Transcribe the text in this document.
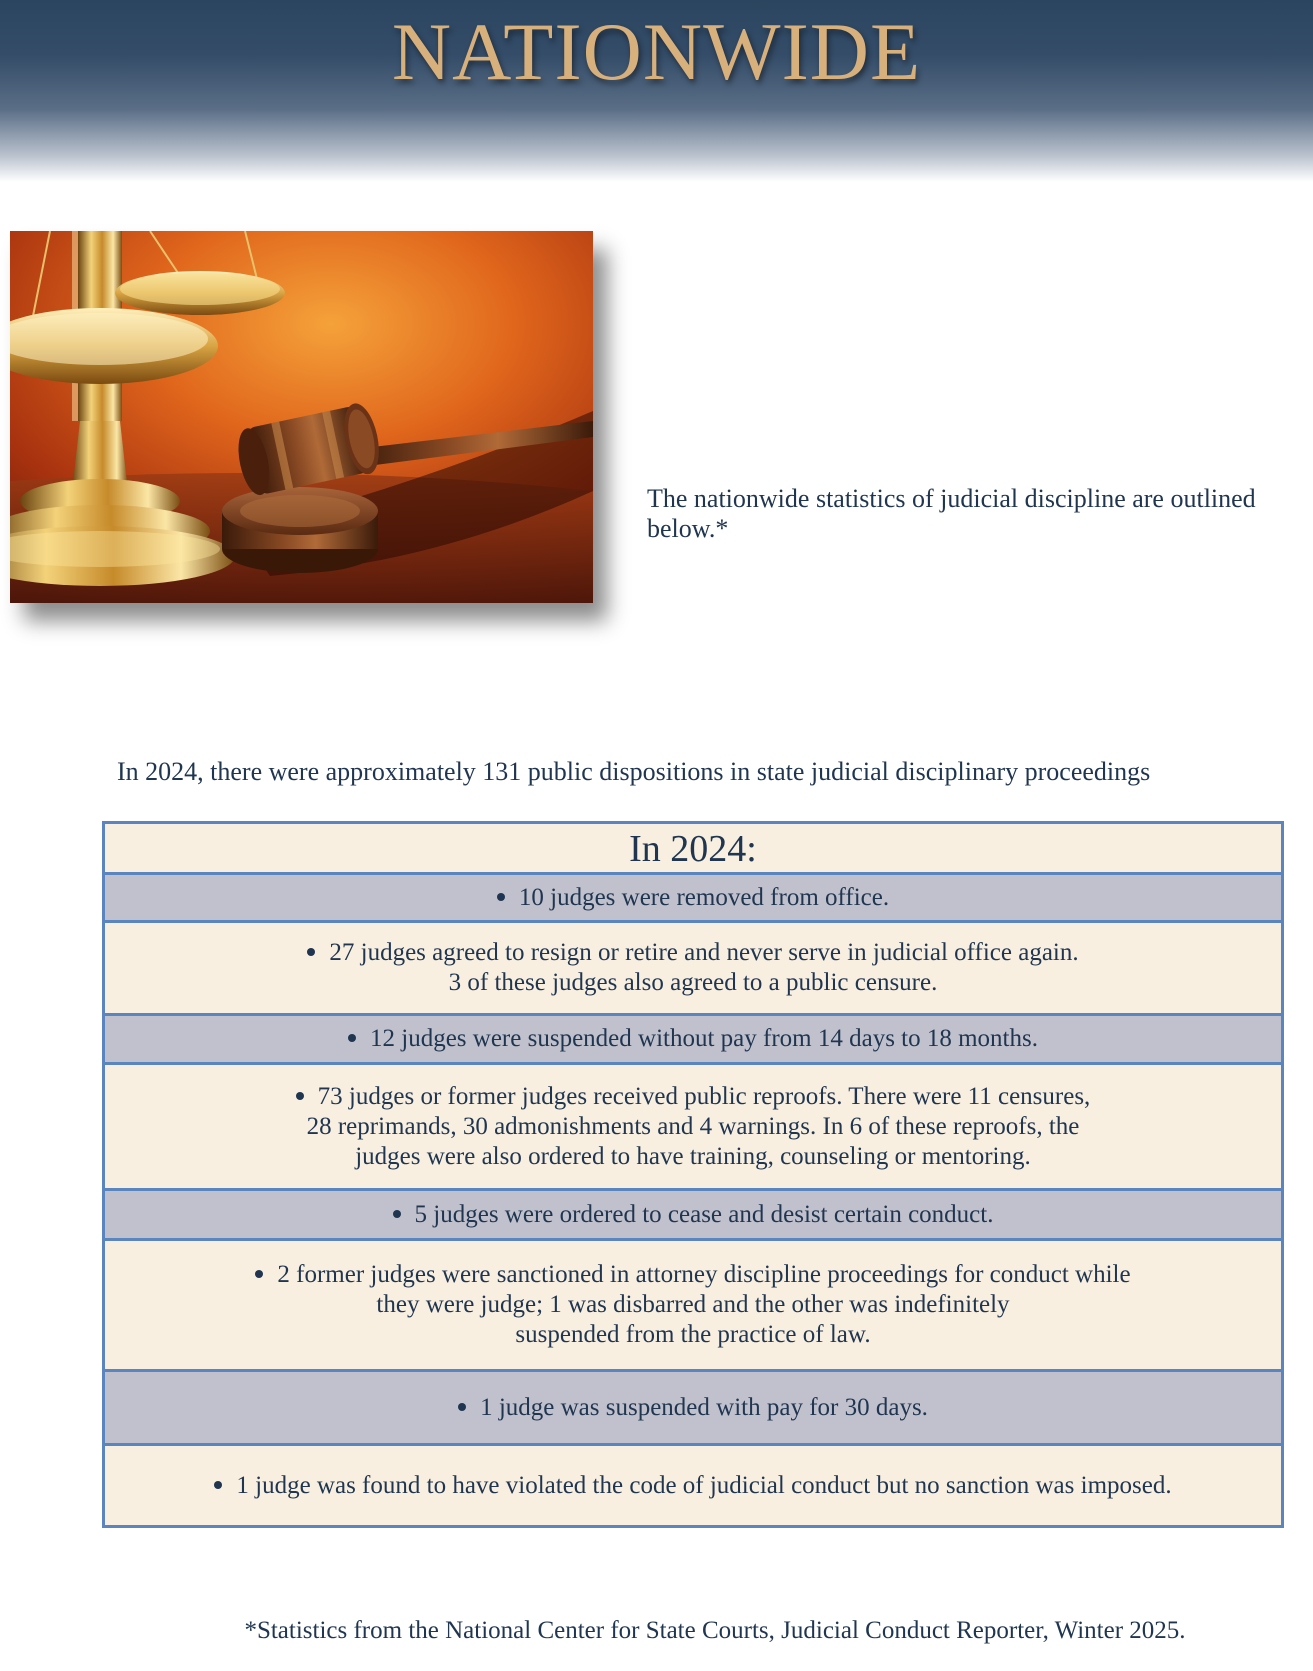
NATIONWIDE
The nationwide statistics of judicial discipline are outlined below.*
In 2024, there were approximately 131 public dispositions in state judicial disciplinary proceedings
In 2024:
10 judges were removed from office.
27 judges agreed to resign or retire and never serve in judicial office again.
3 of these judges also agreed to a public censure.
12 judges were suspended without pay from 14 days to 18 months.
73 judges or former judges received public reproofs. There were 11 censures,
28 reprimands, 30 admonishments and 4 warnings. In 6 of these reproofs, the
judges were also ordered to have training, counseling or mentoring.
5 judges were ordered to cease and desist certain conduct.
2 former judges were sanctioned in attorney discipline proceedings for conduct while
they were judge; 1 was disbarred and the other was indefinitely
suspended from the practice of law.
1 judge was suspended with pay for 30 days.
1 judge was found to have violated the code of judicial conduct but no sanction was imposed.
*Statistics from the National Center for State Courts, Judicial Conduct Reporter, Winter 2025.
